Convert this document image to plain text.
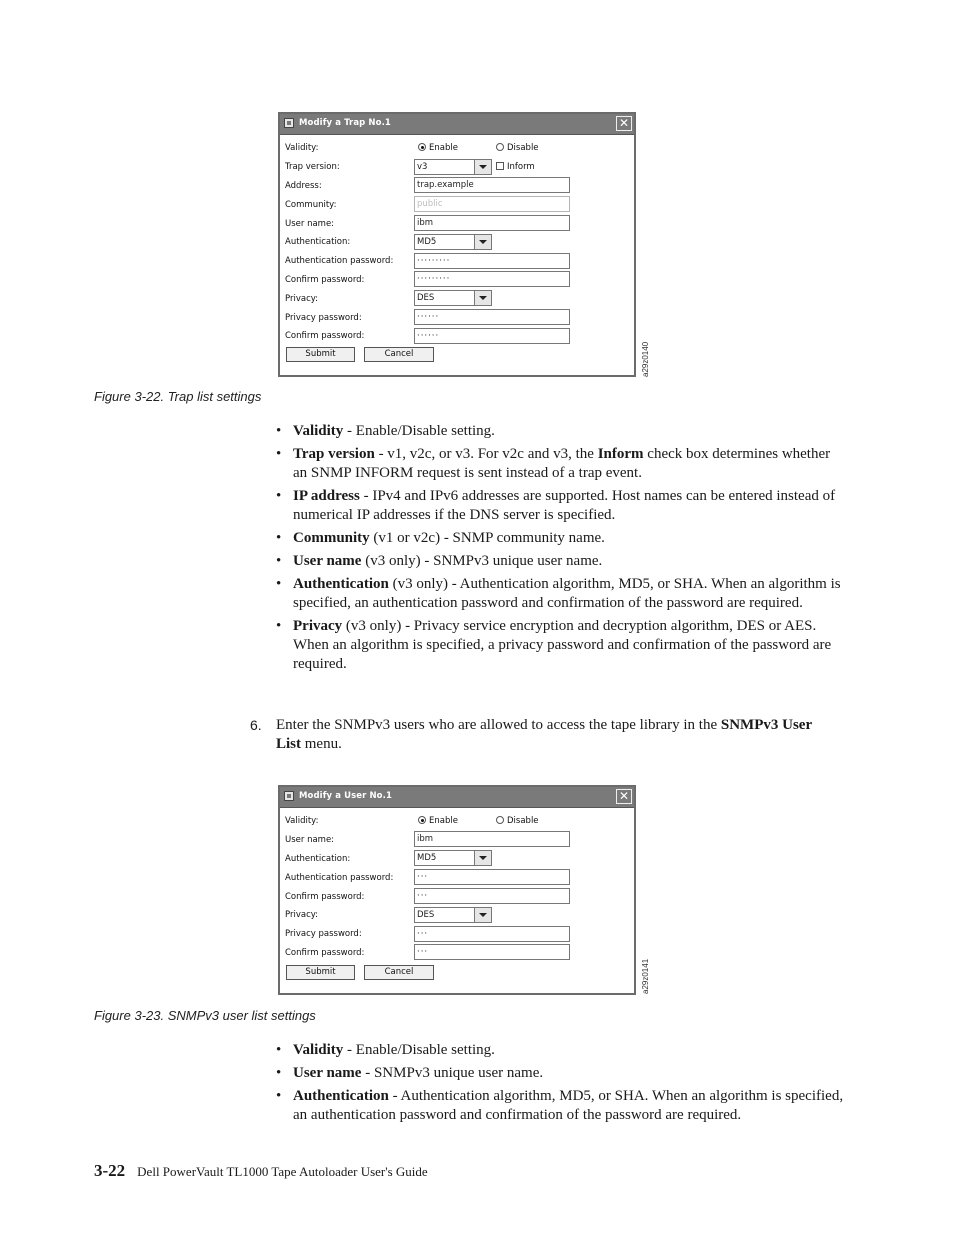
Modify a Trap No.1	✕
Validity:	Enable	Disable
Trap version:	v3	Inform
Address:	trap.example
Community:	public
User name:	ibm
Authentication:	MD5
Authentication password:	·········
Confirm password:	·········
Privacy:	DES
Privacy password:	······
Confirm password:	······
Submit	Cancel	a29z0140
Figure 3-22. Trap list settings
• Validity - Enable/Disable setting.
• Trap version - v1, v2c, or v3. For v2c and v3, the Inform check box determines whether an SNMP INFORM request is sent instead of a trap event.
• IP address - IPv4 and IPv6 addresses are supported. Host names can be entered instead of numerical IP addresses if the DNS server is specified.
• Community (v1 or v2c) - SNMP community name.
• User name (v3 only) - SNMPv3 unique user name.
• Authentication (v3 only) - Authentication algorithm, MD5, or SHA. When an algorithm is specified, an authentication password and confirmation of the password are required.
• Privacy (v3 only) - Privacy service encryption and decryption algorithm, DES or AES. When an algorithm is specified, a privacy password and confirmation of the password are required.
6. Enter the SNMPv3 users who are allowed to access the tape library in the SNMPv3 User List menu.
Modify a User No.1	✕
Validity:	Enable	Disable
User name:	ibm
Authentication:	MD5
Authentication password:	···
Confirm password:	···
Privacy:	DES
Privacy password:	···
Confirm password:	···
Submit	Cancel	a29z0141
Figure 3-23. SNMPv3 user list settings
• Validity - Enable/Disable setting.
• User name - SNMPv3 unique user name.
• Authentication - Authentication algorithm, MD5, or SHA. When an algorithm is specified, an authentication password and confirmation of the password are required.
3-22 Dell PowerVault TL1000 Tape Autoloader User's Guide
